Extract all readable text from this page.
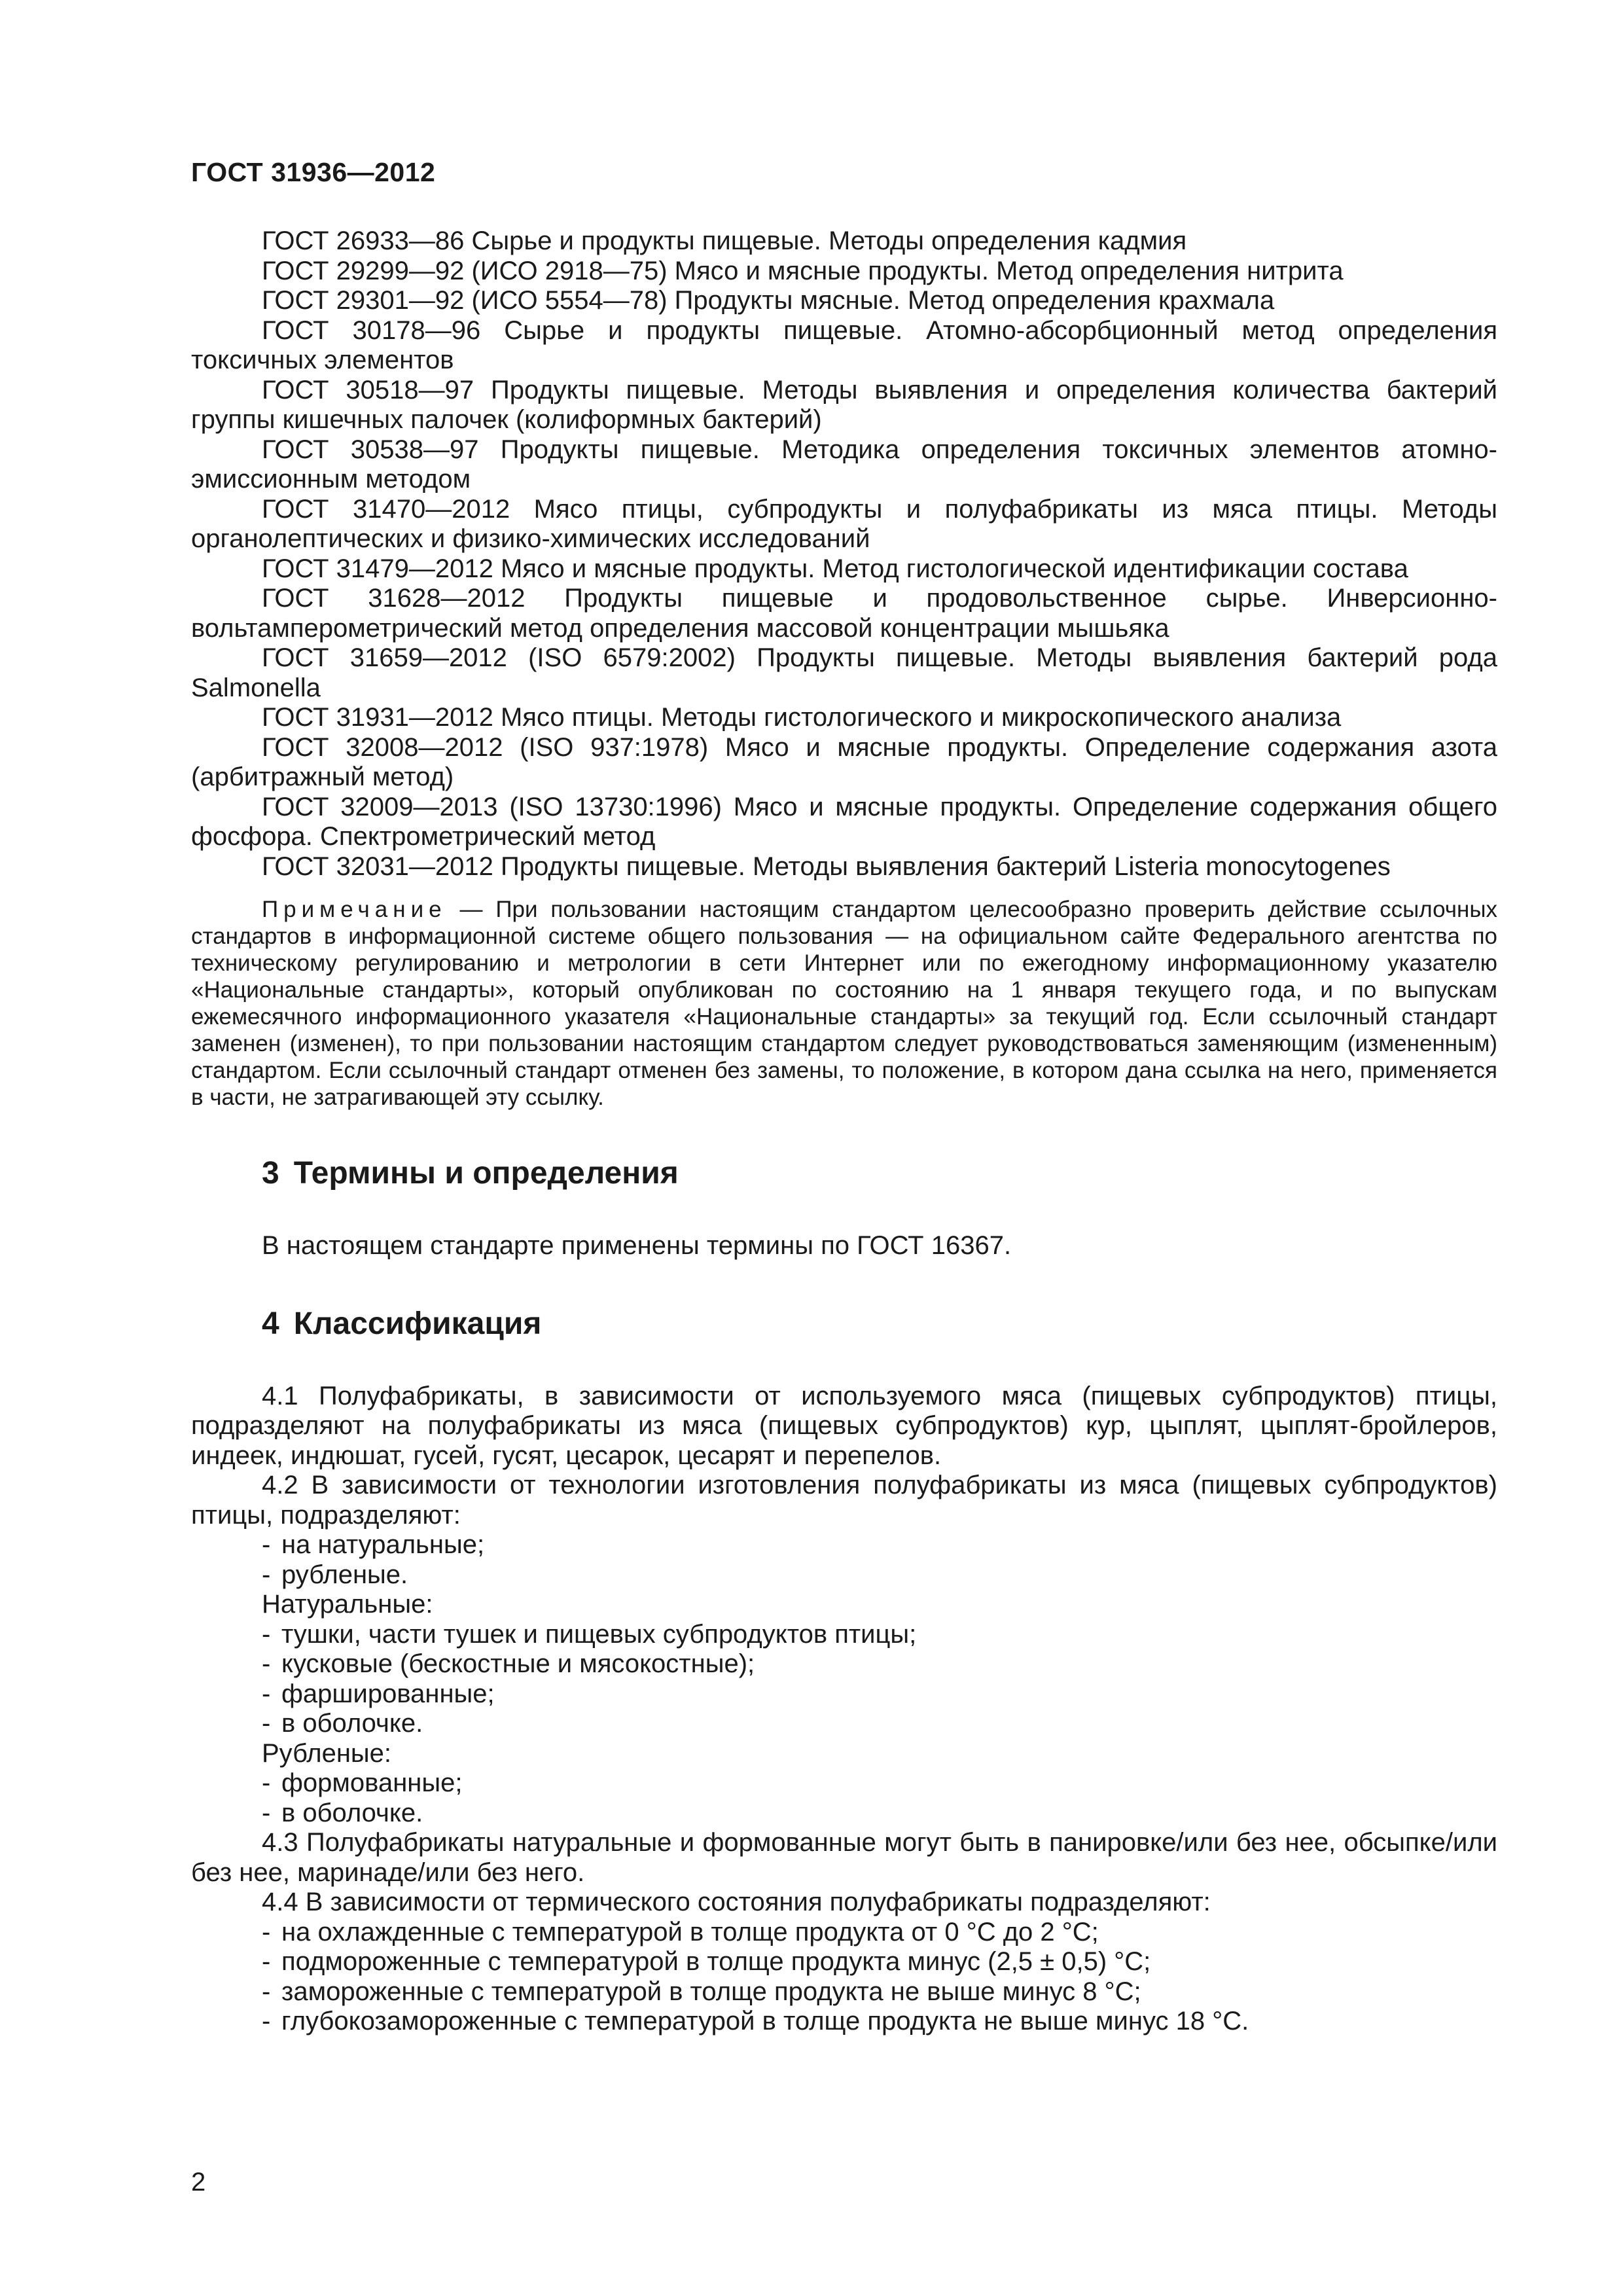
ГОСТ 31936—2012

ГОСТ 26933—86 Сырье и продукты пищевые. Методы определения кадмия

ГОСТ 29299—92 (ИСО 2918—75) Мясо и мясные продукты. Метод определения нитрита

ГОСТ 29301—92 (ИСО 5554—78) Продукты мясные. Метод определения крахмала

ГОСТ 30178—96 Сырье и продукты пищевые. Атомно-абсорбционный метод определения токсичных элементов

ГОСТ 30518—97 Продукты пищевые. Методы выявления и определения количества бактерий группы кишечных палочек (колиформных бактерий)

ГОСТ 30538—97 Продукты пищевые. Методика определения токсичных элементов атомно-эмиссионным методом

ГОСТ 31470—2012 Мясо птицы, субпродукты и полуфабрикаты из мяса птицы. Методы органолептических и физико-химических исследований

ГОСТ 31479—2012 Мясо и мясные продукты. Метод гистологической идентификации состава

ГОСТ 31628—2012 Продукты пищевые и продовольственное сырье. Инверсионно-вольтамперометрический метод определения массовой концентрации мышьяка

ГОСТ 31659—2012 (ISO 6579:2002) Продукты пищевые. Методы выявления бактерий рода Salmonella

ГОСТ 31931—2012 Мясо птицы. Методы гистологического и микроскопического анализа

ГОСТ 32008—2012 (ISO 937:1978) Мясо и мясные продукты. Определение содержания азота (арбитражный метод)

ГОСТ 32009—2013 (ISO 13730:1996) Мясо и мясные продукты. Определение содержания общего фосфора. Спектрометрический метод

ГОСТ 32031—2012 Продукты пищевые. Методы выявления бактерий Listeria monocytogenes

Примечание — При пользовании настоящим стандартом целесообразно проверить действие ссылочных стандартов в информационной системе общего пользования — на официальном сайте Федерального агентства по техническому регулированию и метрологии в сети Интернет или по ежегодному информационному указателю «Национальные стандарты», который опубликован по состоянию на 1 января текущего года, и по выпускам ежемесячного информационного указателя «Национальные стандарты» за текущий год. Если ссылочный стандарт заменен (изменен), то при пользовании настоящим стандартом следует руководствоваться заменяющим (измененным) стандартом. Если ссылочный стандарт отменен без замены, то положение, в котором дана ссылка на него, применяется в части, не затрагивающей эту ссылку.

3 Термины и определения

В настоящем стандарте применены термины по ГОСТ 16367.

4 Классификация

4.1 Полуфабрикаты, в зависимости от используемого мяса (пищевых субпродуктов) птицы, подразделяют на полуфабрикаты из мяса (пищевых субпродуктов) кур, цыплят, цыплят-бройлеров, индеек, индюшат, гусей, гусят, цесарок, цесарят и перепелов.

4.2 В зависимости от технологии изготовления полуфабрикаты из мяса (пищевых субпродуктов) птицы, подразделяют:

- на натуральные;

- рубленые.

Натуральные:

- тушки, части тушек и пищевых субпродуктов птицы;

- кусковые (бескостные и мясокостные);

- фаршированные;

- в оболочке.

Рубленые:

- формованные;

- в оболочке.

4.3 Полуфабрикаты натуральные и формованные могут быть в панировке/или без нее, обсыпке/или без нее, маринаде/или без него.

4.4 В зависимости от термического состояния полуфабрикаты подразделяют:

- на охлажденные с температурой в толще продукта от 0 °С до 2 °С;

- подмороженные с температурой в толще продукта минус (2,5 ± 0,5) °С;

- замороженные с температурой в толще продукта не выше минус 8 °С;

- глубокозамороженные с температурой в толще продукта не выше минус 18 °С.

2
